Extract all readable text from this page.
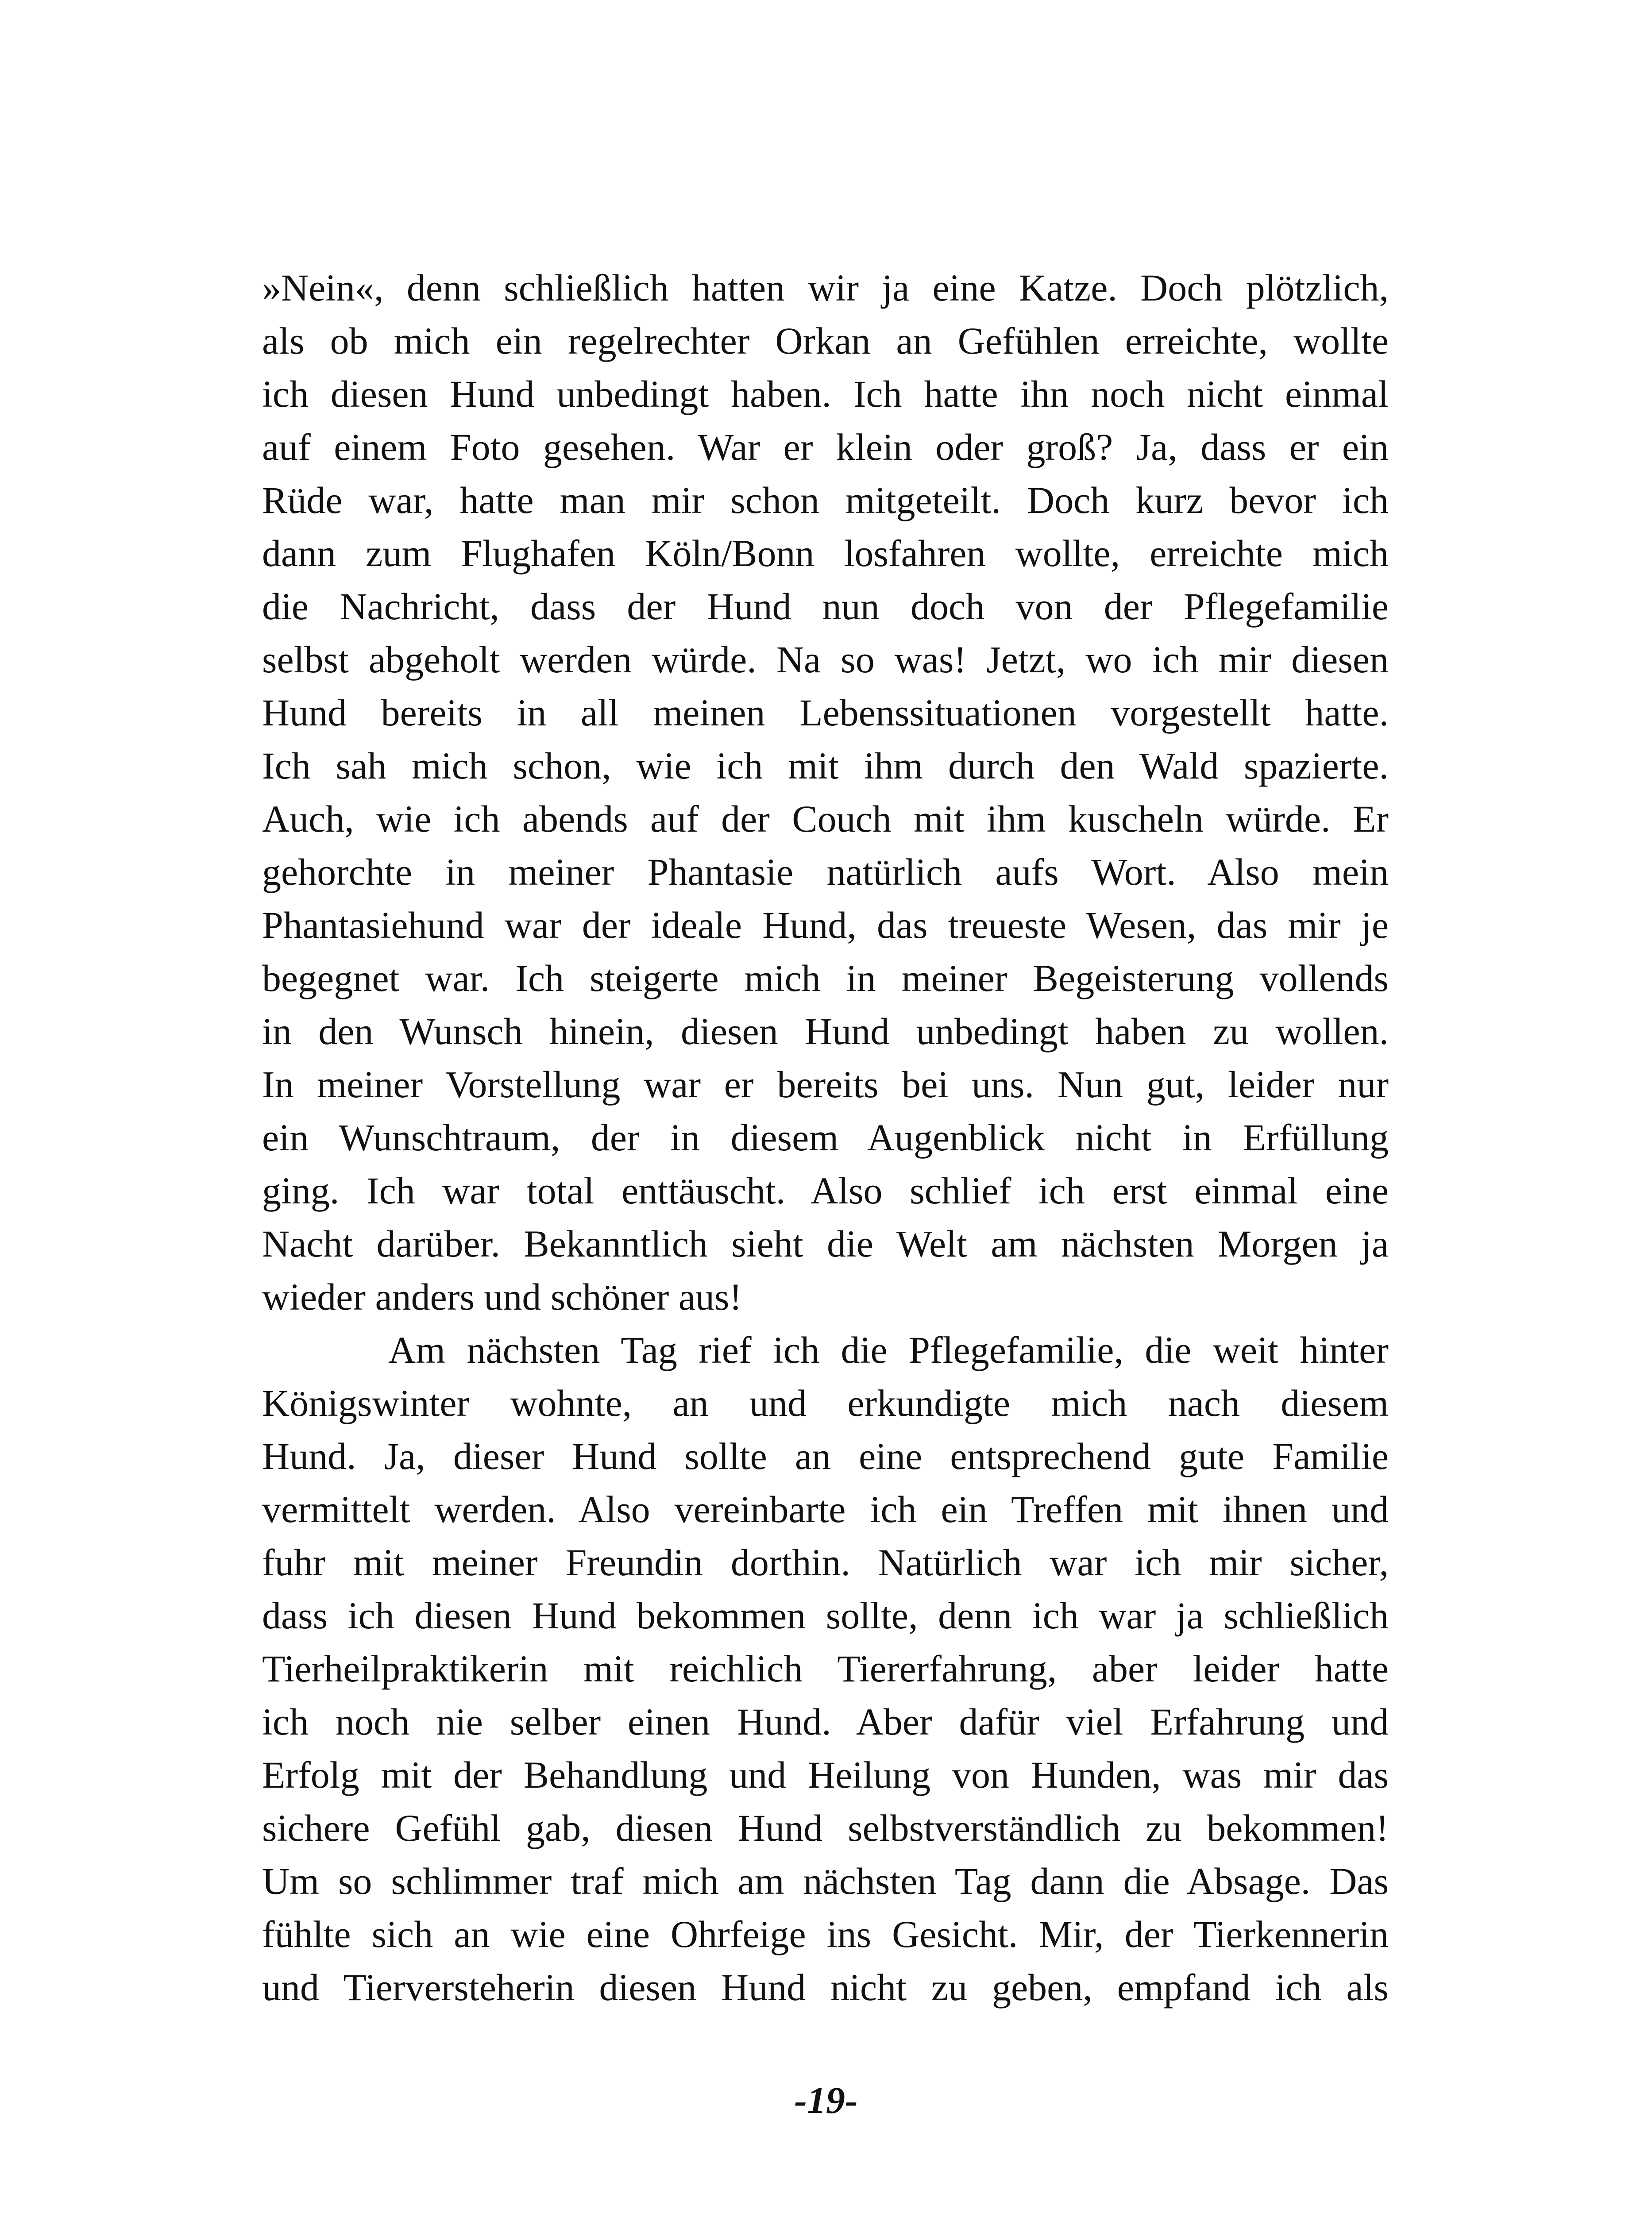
»Nein«, denn schließlich hatten wir ja eine Katze. Doch plötzlich,
als ob mich ein regelrechter Orkan an Gefühlen erreichte, wollte
ich diesen Hund unbedingt haben. Ich hatte ihn noch nicht einmal
auf einem Foto gesehen. War er klein oder groß? Ja, dass er ein
Rüde war, hatte man mir schon mitgeteilt. Doch kurz bevor ich
dann zum Flughafen Köln/Bonn losfahren wollte, erreichte mich
die Nachricht, dass der Hund nun doch von der Pflegefamilie
selbst abgeholt werden würde. Na so was! Jetzt, wo ich mir diesen
Hund bereits in all meinen Lebenssituationen vorgestellt hatte.
Ich sah mich schon, wie ich mit ihm durch den Wald spazierte.
Auch, wie ich abends auf der Couch mit ihm kuscheln würde. Er
gehorchte in meiner Phantasie natürlich aufs Wort. Also mein
Phantasiehund war der ideale Hund, das treueste Wesen, das mir je
begegnet war. Ich steigerte mich in meiner Begeisterung vollends
in den Wunsch hinein, diesen Hund unbedingt haben zu wollen.
In meiner Vorstellung war er bereits bei uns. Nun gut, leider nur
ein Wunschtraum, der in diesem Augenblick nicht in Erfüllung
ging. Ich war total enttäuscht. Also schlief ich erst einmal eine
Nacht darüber. Bekanntlich sieht die Welt am nächsten Morgen ja
wieder anders und schöner aus!
Am nächsten Tag rief ich die Pflegefamilie, die weit hinter
Königswinter wohnte, an und erkundigte mich nach diesem
Hund. Ja, dieser Hund sollte an eine entsprechend gute Familie
vermittelt werden. Also vereinbarte ich ein Treffen mit ihnen und
fuhr mit meiner Freundin dorthin. Natürlich war ich mir sicher,
dass ich diesen Hund bekommen sollte, denn ich war ja schließlich
Tierheilpraktikerin mit reichlich Tiererfahrung, aber leider hatte
ich noch nie selber einen Hund. Aber dafür viel Erfahrung und
Erfolg mit der Behandlung und Heilung von Hunden, was mir das
sichere Gefühl gab, diesen Hund selbstverständlich zu bekommen!
Um so schlimmer traf mich am nächsten Tag dann die Absage. Das
fühlte sich an wie eine Ohrfeige ins Gesicht. Mir, der Tierkennerin
und Tierversteherin diesen Hund nicht zu geben, empfand ich als
-19-
